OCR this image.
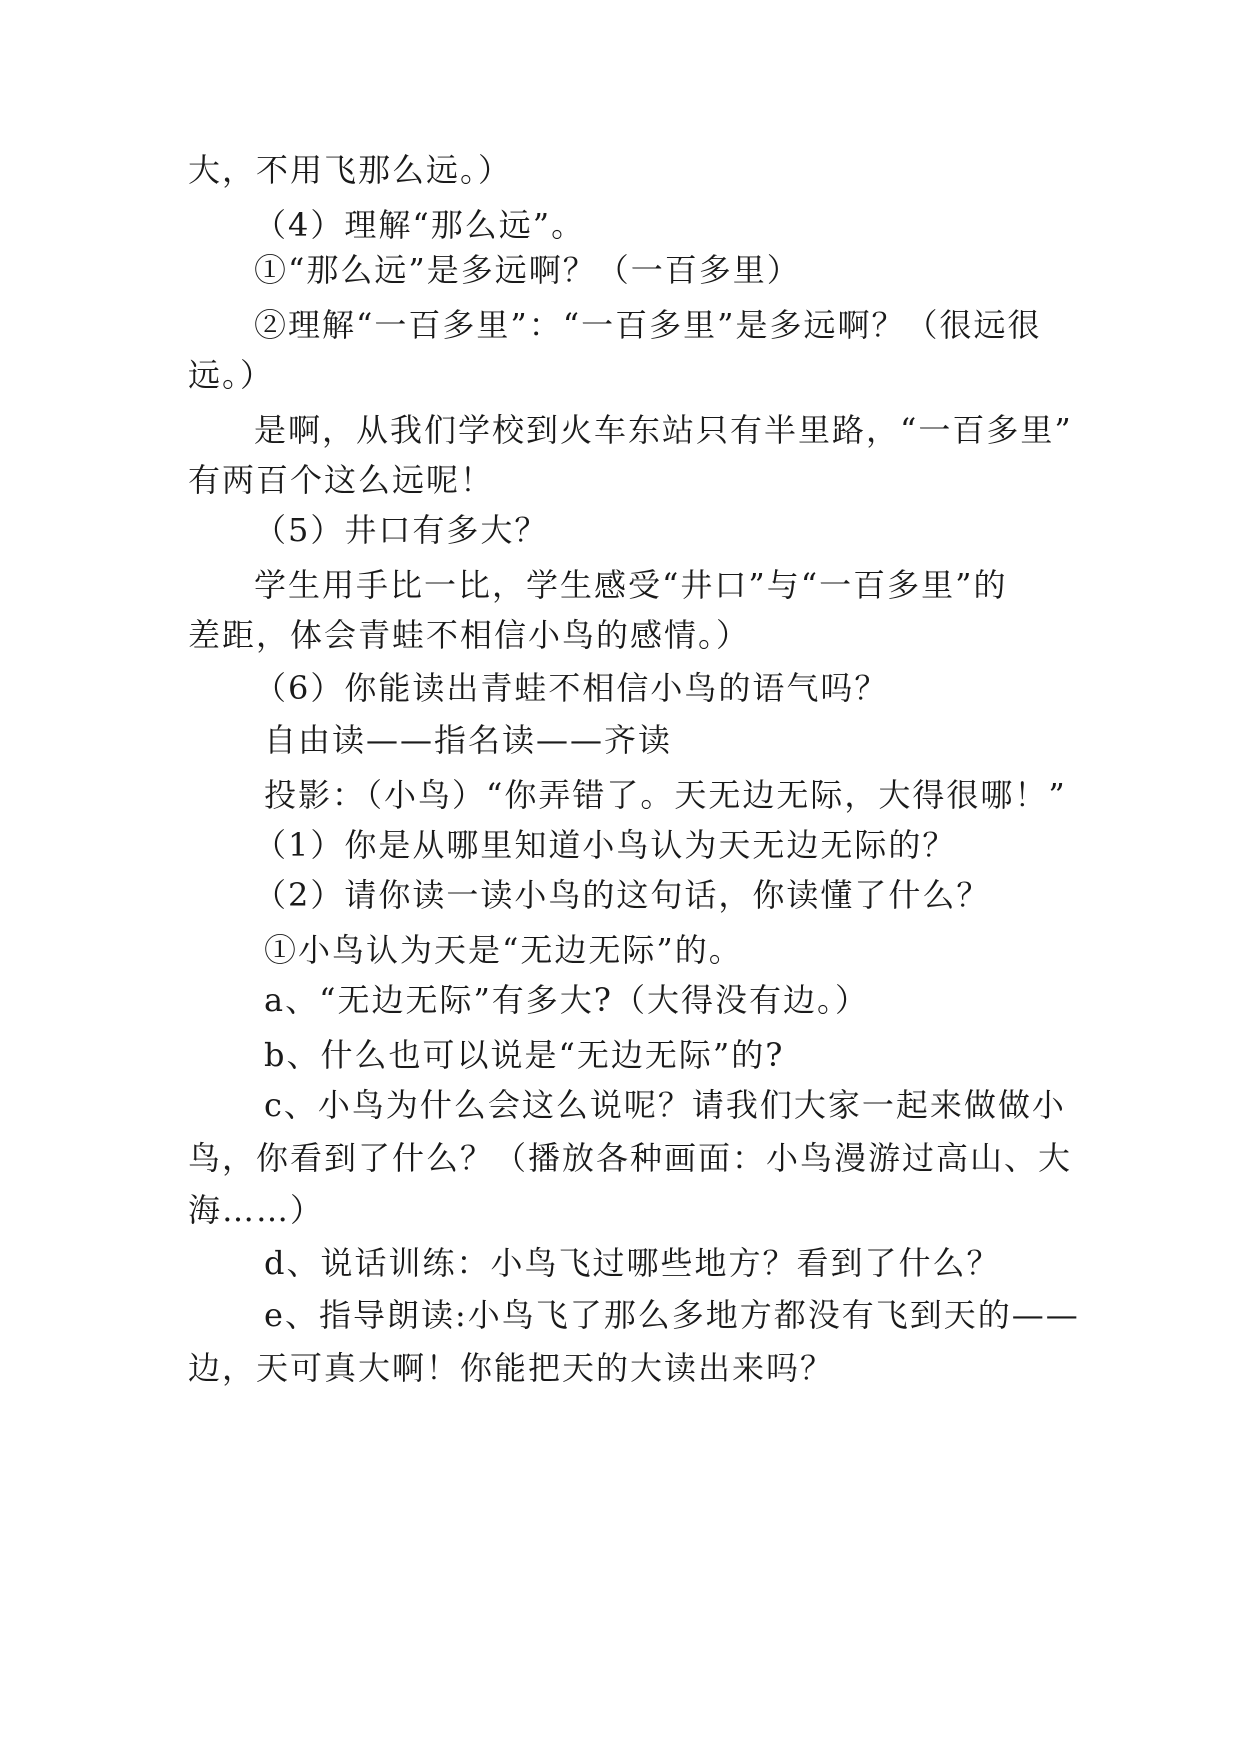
大，不用飞那么远。）
（4）理解“那么远”。
①“那么远”是多远啊？（一百多里）
②理解“一百多里”：“一百多里”是多远啊？（很远很
远。）
是啊，从我们学校到火车东站只有半里路，“一百多里”
有两百个这么远呢！
（5）井口有多大？
学生用手比一比，学生感受“井口”与“一百多里”的
差距，体会青蛙不相信小鸟的感情。）
（6）你能读出青蛙不相信小鸟的语气吗？
自由读——指名读——齐读
投影：（小鸟）“你弄错了。天无边无际，大得很哪！”
（1）你是从哪里知道小鸟认为天无边无际的？
（2）请你读一读小鸟的这句话，你读懂了什么？
①小鸟认为天是“无边无际”的。
a、“无边无际”有多大?（大得没有边。）
b、什么也可以说是“无边无际”的?
c、小鸟为什么会这么说呢？请我们大家一起来做做小
鸟，你看到了什么？（播放各种画面：小鸟漫游过高山、大
海……）
d、说话训练：小鸟飞过哪些地方？看到了什么？
e、指导朗读:小鸟飞了那么多地方都没有飞到天的——
边，天可真大啊！你能把天的大读出来吗？
